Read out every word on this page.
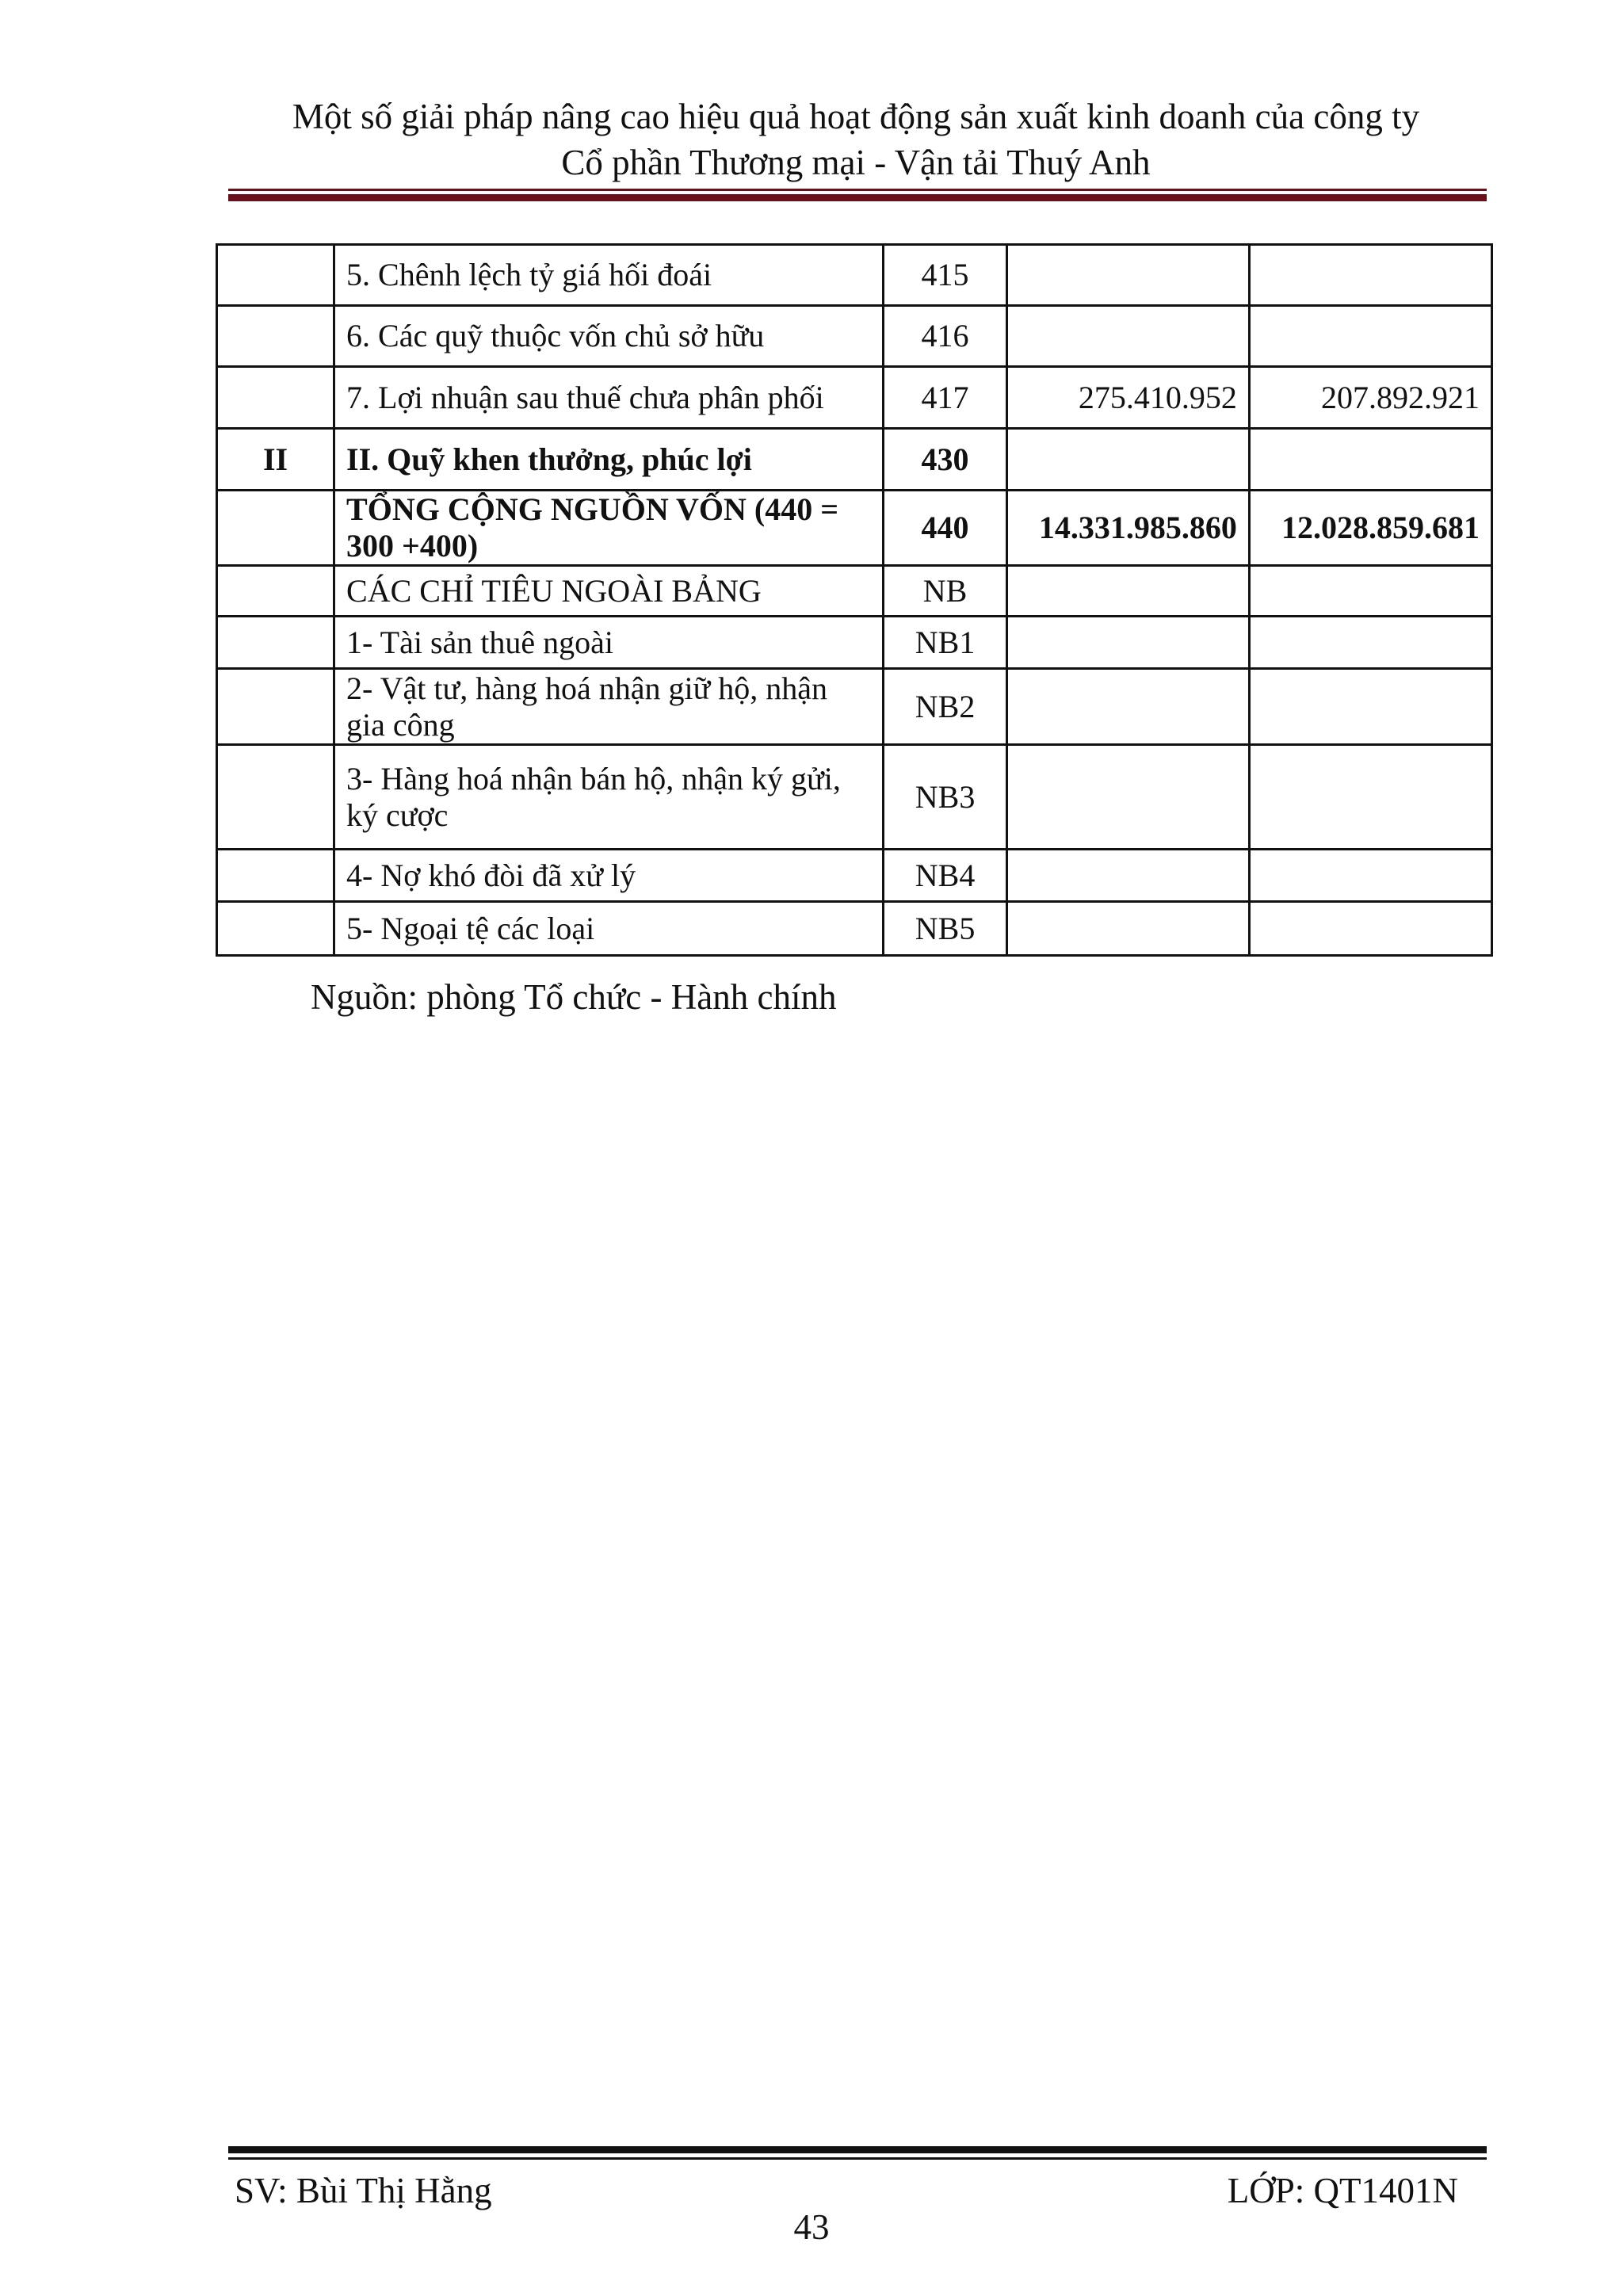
Một số giải pháp nâng cao hiệu quả hoạt động sản xuất kinh doanh của công ty
Cổ phần Thương mại - Vận tải Thuý Anh
	5. Chênh lệch tỷ giá hối đoái	415		
	6. Các quỹ thuộc vốn chủ sở hữu	416		
	7. Lợi nhuận sau thuế chưa phân phối	417	275.410.952	207.892.921
II	II. Quỹ khen thưởng, phúc lợi	430		
	TỔNG CỘNG NGUỒN VỐN (440 = 300 +400)	440	14.331.985.860	12.028.859.681
	CÁC CHỈ TIÊU NGOÀI BẢNG	NB		
	1- Tài sản thuê ngoài	NB1		
	2- Vật tư, hàng hoá nhận giữ hộ, nhận gia công	NB2		
	3- Hàng hoá nhận bán hộ, nhận ký gửi, ký cược	NB3		
	4- Nợ khó đòi đã xử lý	NB4		
	5- Ngoại tệ các loại	NB5		
Nguồn: phòng Tổ chức - Hành chính
SV: Bùi Thị Hằng	LỚP: QT1401N
43
